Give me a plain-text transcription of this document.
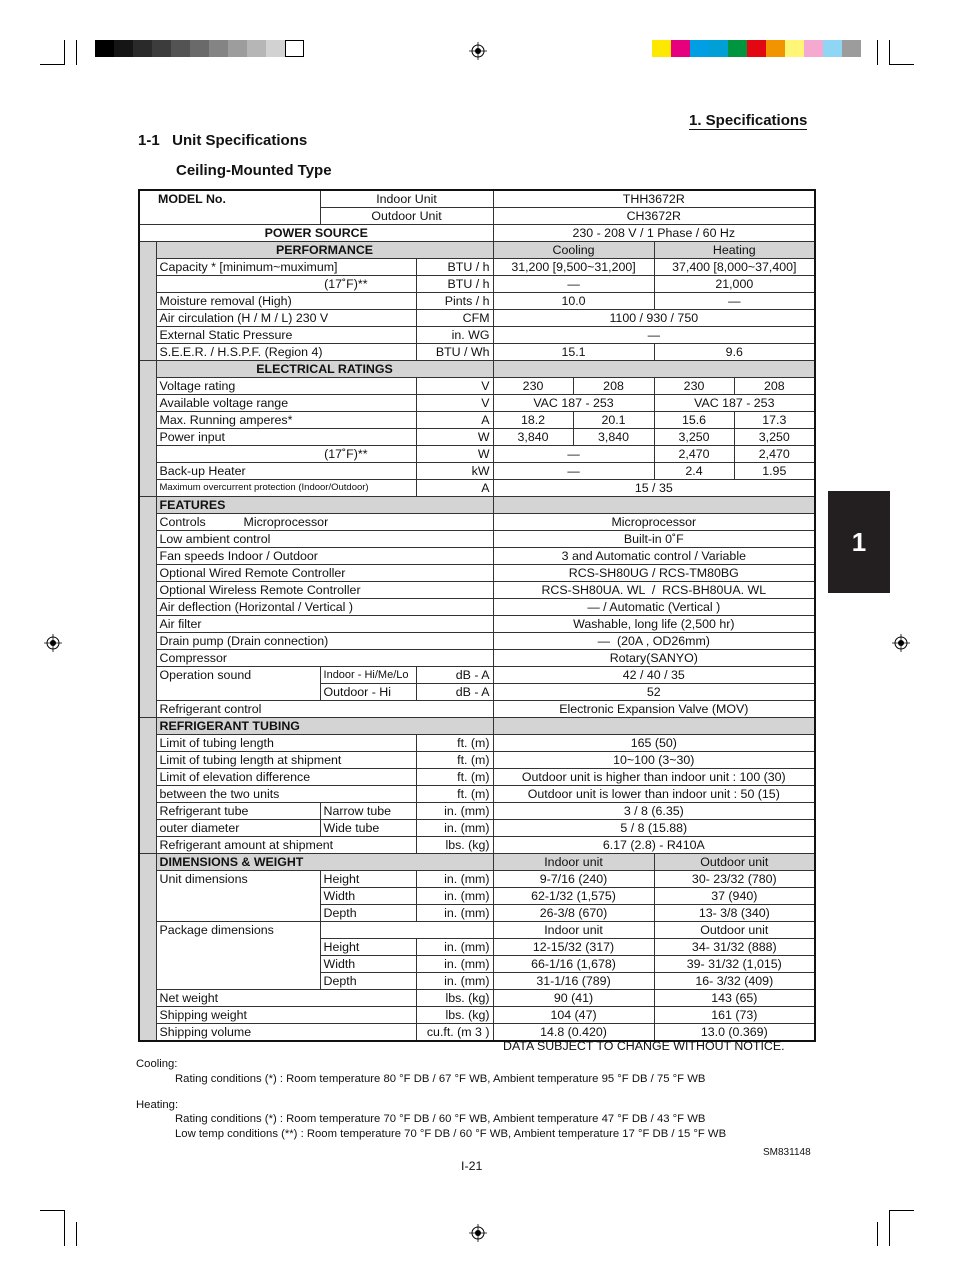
1. Specifications
1-1   Unit Specifications
Ceiling-Mounted Type
1
MODEL No.		Indoor Unit		THH3672R			
		Outdoor Unit		CH3672R			
POWER SOURCE				230 - 208 V / 1 Phase / 60 Hz			
	PERFORMANCE			Cooling		Heating	
	Capacity * [minimum~muximum]		BTU / h	31,200 [9,500~31,200]		37,400 [8,000~37,400]	
	(17˚F)**		BTU / h	—		21,000	
	Moisture removal (High)		Pints / h	10.0		—	
	Air circulation (H / M / L) 230 V		CFM	1100 / 930 / 750			
	External Static Pressure		in. WG	—			
	S.E.E.R. / H.S.P.F. (Region 4)		BTU / Wh	15.1		9.6	
	ELECTRICAL RATINGS						
	Voltage rating		V	230	208	230	208
	Available voltage range		V	VAC 187 - 253		VAC 187 - 253	
	Max. Running amperes*		A	18.2	20.1	15.6	17.3
	Power input		W	3,840	3,840	3,250	3,250
	(17˚F)**		W	—		2,470	2,470
	Back-up Heater		kW	—		2.4	1.95
	Maximum overcurrent protection (Indoor/Outdoor)		A	15 / 35			
	FEATURES						
	Controls           Microprocessor			Microprocessor			
	Low ambient control			Built-in 0˚F			
	Fan speeds Indoor / Outdoor			3 and Automatic control / Variable			
	Optional Wired Remote Controller			RCS-SH80UG / RCS-TM80BG			
	Optional Wireless Remote Controller			RCS-SH80UA. WL  /  RCS-BH80UA. WL			
	Air deflection (Horizontal / Vertical )			— / Automatic (Vertical )			
	Air filter			Washable, long life (2,500 hr)			
	Drain pump (Drain connection)			—  (20A , OD26mm)			
	Compressor			Rotary(SANYO)			
	Operation sound	Indoor - Hi/Me/Lo	dB - A	42 / 40 / 35			
		Outdoor - Hi	dB - A	52			
	Refrigerant control			Electronic Expansion Valve (MOV)			
	REFRIGERANT TUBING						
	Limit of tubing length		ft. (m)	165 (50)			
	Limit of tubing length at shipment		ft. (m)	10~100 (3~30)			
	Limit of elevation difference		ft. (m)	Outdoor unit is higher than indoor unit : 100 (30)			
	between the two units		ft. (m)	Outdoor unit is lower than indoor unit : 50 (15)			
	Refrigerant tube	Narrow tube	in. (mm)	3 / 8 (6.35)			
	outer diameter	Wide tube	in. (mm)	5 / 8 (15.88)			
	Refrigerant amount at shipment		lbs. (kg)	6.17 (2.8) - R410A			
	DIMENSIONS & WEIGHT			Indoor unit		Outdoor unit	
	Unit dimensions	Height	in. (mm)	9-7/16 (240)		30- 23/32 (780)	
		Width	in. (mm)	62-1/32 (1,575)		37 (940)	
		Depth	in. (mm)	26-3/8 (670)		13- 3/8 (340)	
	Package dimensions			Indoor unit		Outdoor unit	
		Height	in. (mm)	12-15/32 (317)		34- 31/32 (888)	
		Width	in. (mm)	66-1/16 (1,678)		39- 31/32 (1,015)	
		Depth	in. (mm)	31-1/16 (789)		16- 3/32 (409)	
	Net weight		lbs. (kg)	90 (41)		143 (65)	
	Shipping weight		lbs. (kg)	104 (47)		161 (73)	
	Shipping volume		cu.ft. (m 3 )	14.8 (0.420)		13.0 (0.369)	
DATA SUBJECT TO CHANGE WITHOUT NOTICE.
Cooling:
Rating conditions (*) : Room temperature 80 °F DB / 67 °F WB, Ambient temperature 95 °F DB / 75 °F WB
Heating:
Rating conditions (*) : Room temperature 70 °F DB / 60 °F WB, Ambient temperature 47 °F DB / 43 °F WB
Low temp conditions (**) : Room temperature 70 °F DB / 60 °F WB, Ambient temperature 17 °F DB / 15 °F WB
SM831148
I-21
